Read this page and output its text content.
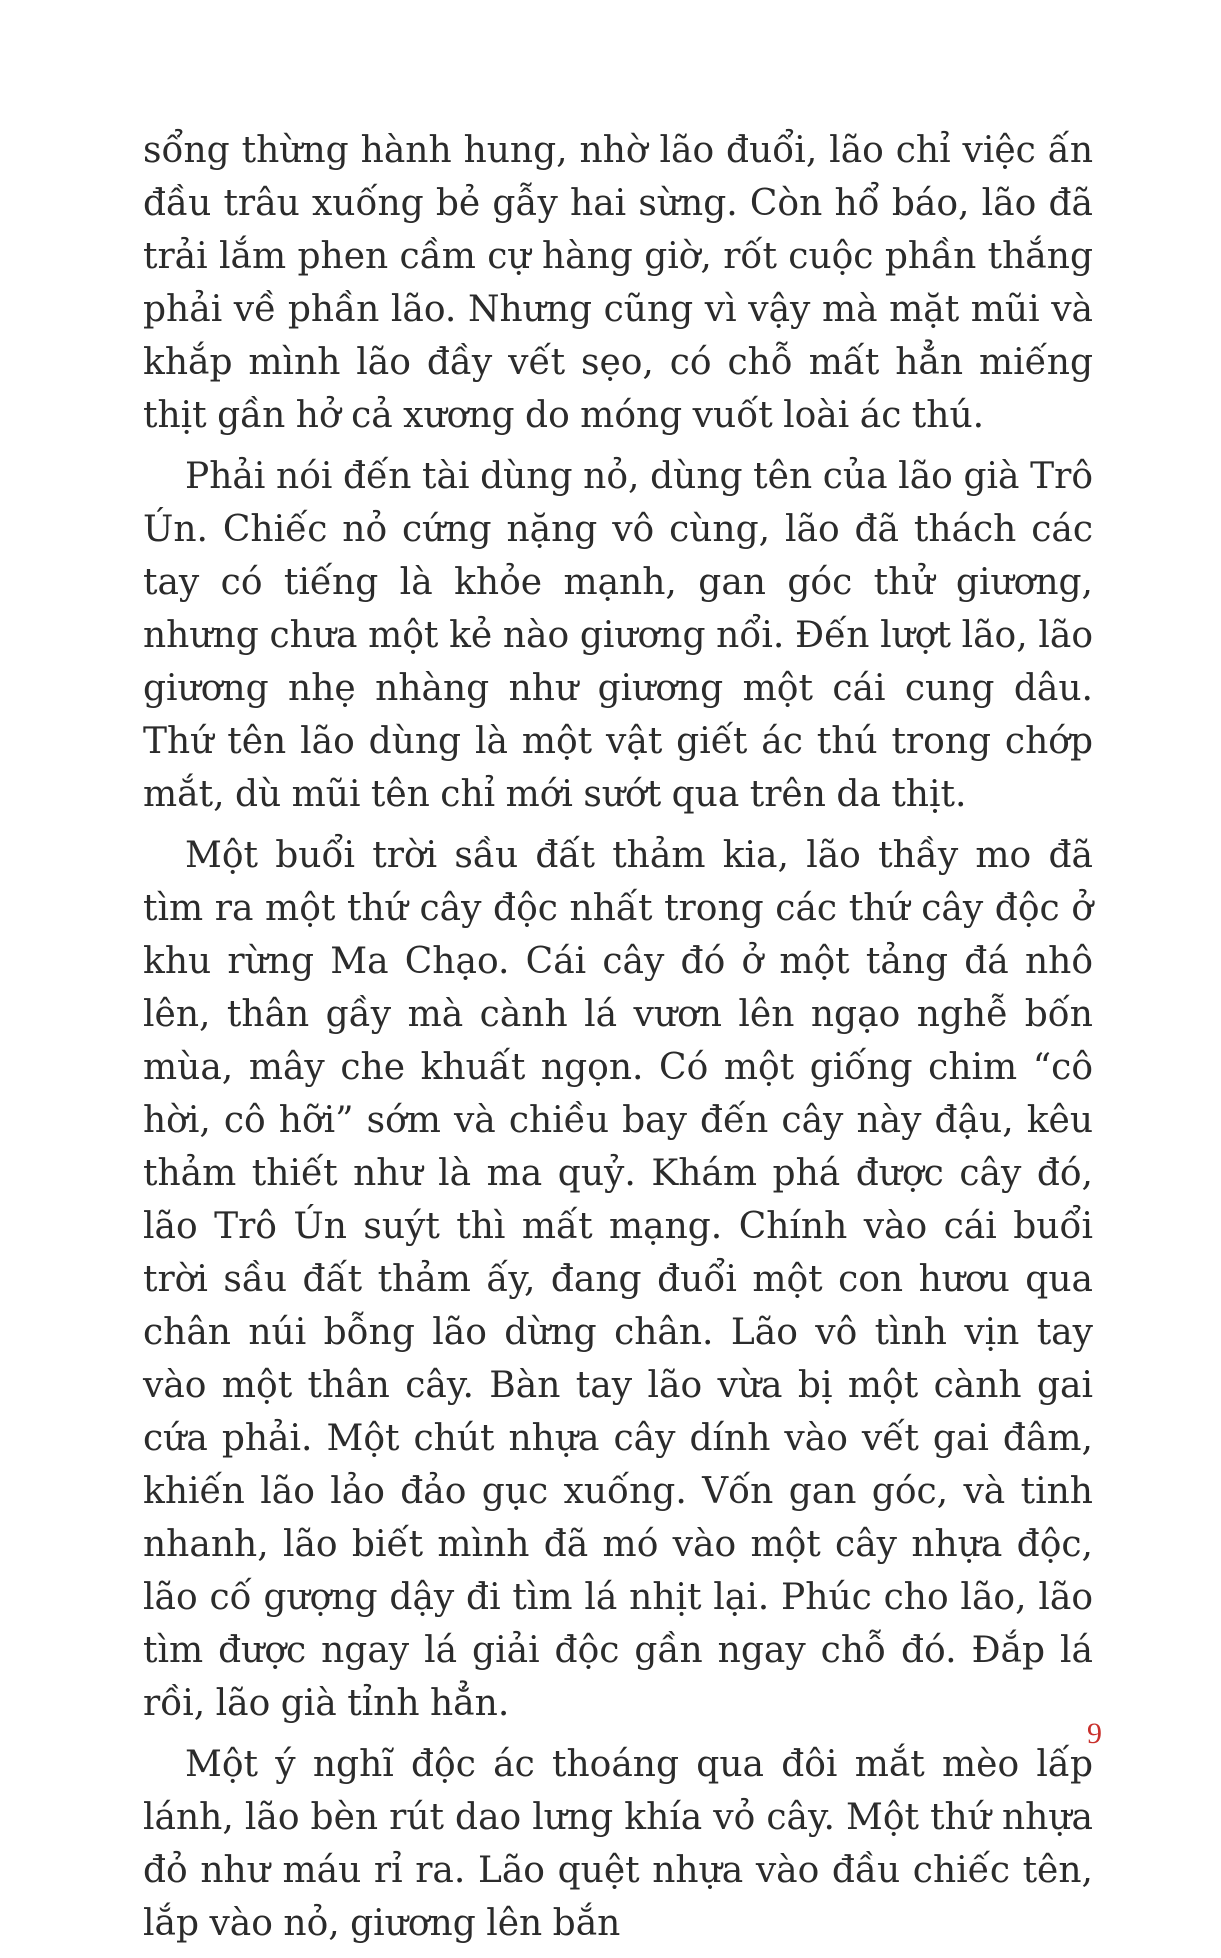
sổng thừng hành hung, nhờ lão đuổi, lão chỉ việc ấn đầu trâu xuống bẻ gẫy hai sừng. Còn hổ báo, lão đã trải lắm phen cầm cự hàng giờ, rốt cuộc phần thắng phải về phần lão. Nhưng cũng vì vậy mà mặt mũi và khắp mình lão đầy vết sẹo, có chỗ mất hẳn miếng thịt gần hở cả xương do móng vuốt loài ác thú.

Phải nói đến tài dùng nỏ, dùng tên của lão già Trô Ún. Chiếc nỏ cứng nặng vô cùng, lão đã thách các tay có tiếng là khỏe mạnh, gan góc thử giương, nhưng chưa một kẻ nào giương nổi. Đến lượt lão, lão giương nhẹ nhàng như giương một cái cung dâu. Thứ tên lão dùng là một vật giết ác thú trong chớp mắt, dù mũi tên chỉ mới sướt qua trên da thịt.

Một buổi trời sầu đất thảm kia, lão thầy mo đã tìm ra một thứ cây độc nhất trong các thứ cây độc ở khu rừng Ma Chạo. Cái cây đó ở một tảng đá nhô lên, thân gầy mà cành lá vươn lên ngạo nghễ bốn mùa, mây che khuất ngọn. Có một giống chim “cô hời, cô hỡi” sớm và chiều bay đến cây này đậu, kêu thảm thiết như là ma quỷ. Khám phá được cây đó, lão Trô Ún suýt thì mất mạng. Chính vào cái buổi trời sầu đất thảm ấy, đang đuổi một con hươu qua chân núi bỗng lão dừng chân. Lão vô tình vịn tay vào một thân cây. Bàn tay lão vừa bị một cành gai cứa phải. Một chút nhựa cây dính vào vết gai đâm, khiến lão lảo đảo gục xuống. Vốn gan góc, và tinh nhanh, lão biết mình đã mó vào một cây nhựa độc, lão cố gượng dậy đi tìm lá nhịt lại. Phúc cho lão, lão tìm được ngay lá giải độc gần ngay chỗ đó. Đắp lá rồi, lão già tỉnh hẳn.

Một ý nghĩ độc ác thoáng qua đôi mắt mèo lấp lánh, lão bèn rút dao lưng khía vỏ cây. Một thứ nhựa đỏ như máu rỉ ra. Lão quệt nhựa vào đầu chiếc tên, lắp vào nỏ, giương lên bắn

9
